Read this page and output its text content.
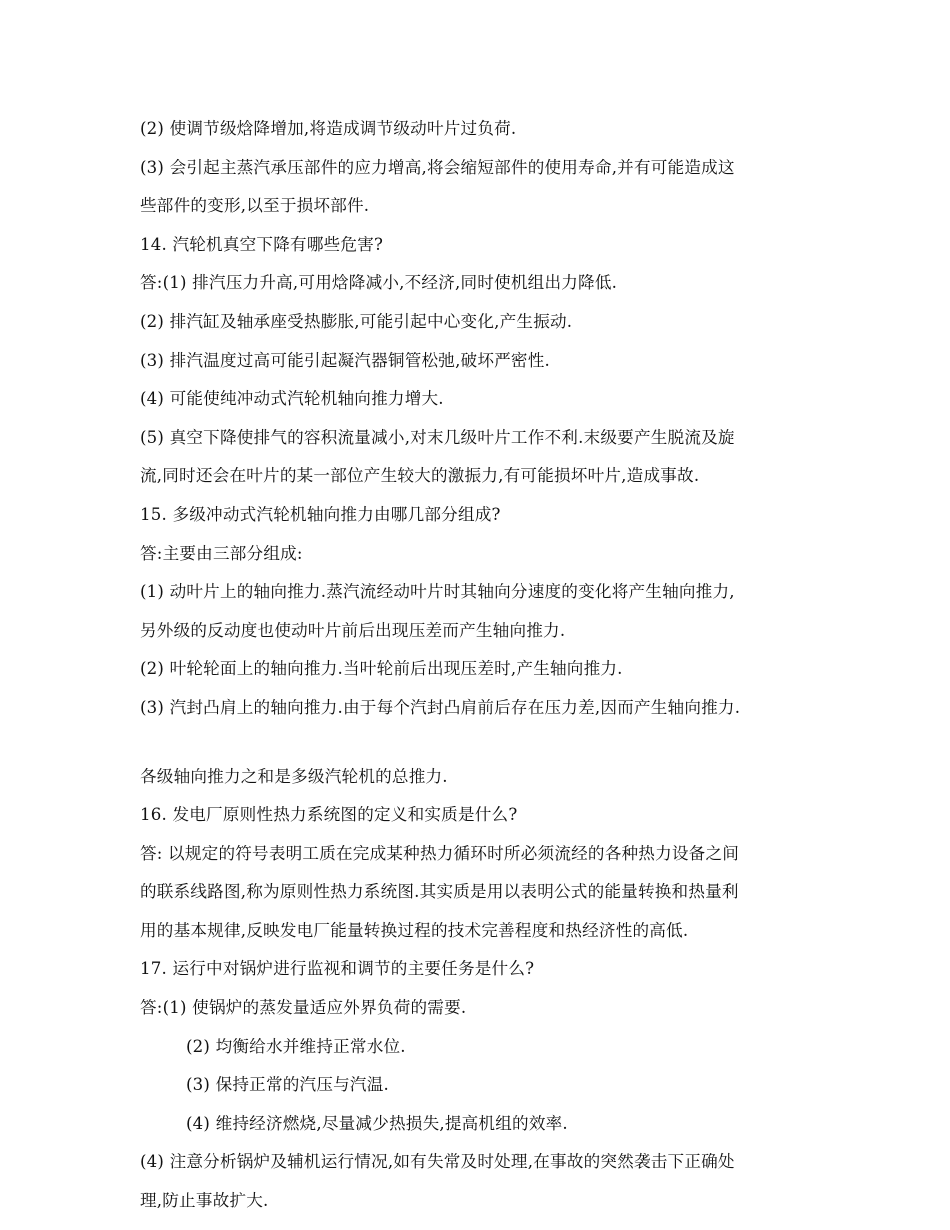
(2) 使调节级焓降增加,将造成调节级动叶片过负荷.
(3) 会引起主蒸汽承压部件的应力增高,将会缩短部件的使用寿命,并有可能造成这
些部件的变形,以至于损坏部件.
14. 汽轮机真空下降有哪些危害?
答:(1) 排汽压力升高,可用焓降减小,不经济,同时使机组出力降低.
(2) 排汽缸及轴承座受热膨胀,可能引起中心变化,产生振动.
(3) 排汽温度过高可能引起凝汽器铜管松弛,破坏严密性.
(4) 可能使纯冲动式汽轮机轴向推力增大.
(5) 真空下降使排气的容积流量减小,对末几级叶片工作不利.末级要产生脱流及旋
流,同时还会在叶片的某一部位产生较大的激振力,有可能损坏叶片,造成事故.
15. 多级冲动式汽轮机轴向推力由哪几部分组成?
答:主要由三部分组成:
(1) 动叶片上的轴向推力.蒸汽流经动叶片时其轴向分速度的变化将产生轴向推力,
另外级的反动度也使动叶片前后出现压差而产生轴向推力.
(2) 叶轮轮面上的轴向推力.当叶轮前后出现压差时,产生轴向推力.
(3) 汽封凸肩上的轴向推力.由于每个汽封凸肩前后存在压力差,因而产生轴向推力.
各级轴向推力之和是多级汽轮机的总推力.
16. 发电厂原则性热力系统图的定义和实质是什么?
答: 以规定的符号表明工质在完成某种热力循环时所必须流经的各种热力设备之间
的联系线路图,称为原则性热力系统图.其实质是用以表明公式的能量转换和热量利
用的基本规律,反映发电厂能量转换过程的技术完善程度和热经济性的高低.
17. 运行中对锅炉进行监视和调节的主要任务是什么?
答:(1) 使锅炉的蒸发量适应外界负荷的需要.
(2) 均衡给水并维持正常水位.
(3) 保持正常的汽压与汽温.
(4) 维持经济燃烧,尽量减少热损失,提高机组的效率.
(4) 注意分析锅炉及辅机运行情况,如有失常及时处理,在事故的突然袭击下正确处
理,防止事故扩大.
